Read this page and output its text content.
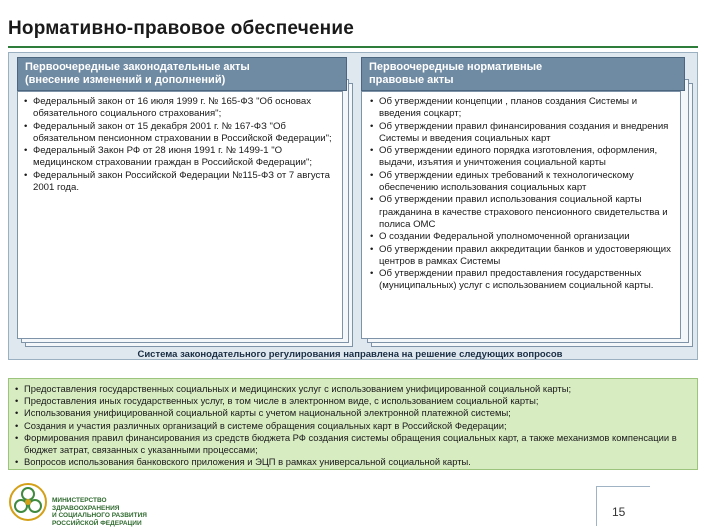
Нормативно-правовое обеспечение
Первоочередные законодательные акты
(внесение изменений и дополнений)
• Федеральный закон от 16 июля 1999 г. № 165-ФЗ "Об основах обязательного социального страхования";
• Федеральный закон от 15 декабря 2001 г. № 167-ФЗ "Об обязательном пенсионном страховании в Российской Федерации";
• Федеральный Закон РФ от 28 июня 1991 г. № 1499-1 "О медицинском страховании граждан в Российской Федерации";
• Федеральный закон Российской Федерации №115-ФЗ от 7 августа 2001 года.
Первоочередные нормативные
правовые акты
• Об утверждении концепции , планов создания Системы и введения соцкарт;
• Об утверждении правил финансирования создания и внедрения Системы и введения социальных карт
• Об утверждении единого порядка изготовления, оформления, выдачи, изъятия и уничтожения социальной карты
• Об утверждении единых требований к технологическому обеспечению использования социальных карт
• Об утверждении правил использования социальной карты гражданина в качестве страхового пенсионного свидетельства и полиса ОМС
• О создании Федеральной уполномоченной организации
• Об утверждении правил аккредитации банков и удостоверяющих центров в рамках Системы
• Об утверждении правил предоставления государственных (муниципальных) услуг с использованием социальной карты.
Система законодательного регулирования направлена на решение следующих вопросов
• Предоставления государственных социальных и медицинских услуг с использованием унифицированной социальной карты;
• Предоставления иных государственных услуг, в том числе в электронном виде, с использованием социальной карты;
• Использования унифицированной социальной карты с учетом национальной электронной платежной системы;
• Создания и участия различных организаций в системе обращения социальных карт в Российской Федерации;
• Формирования правил финансирования из средств бюджета РФ создания системы обращения социальных карт, а также механизмов компенсации в бюджет затрат, связанных с указанными процессами;
• Вопросов использования банковского приложения и ЭЦП в рамках универсальной социальной карты.
МИНИСТЕРСТВО
ЗДРАВООХРАНЕНИЯ
И СОЦИАЛЬНОГО РАЗВИТИЯ
РОССИЙСКОЙ ФЕДЕРАЦИИ
15
